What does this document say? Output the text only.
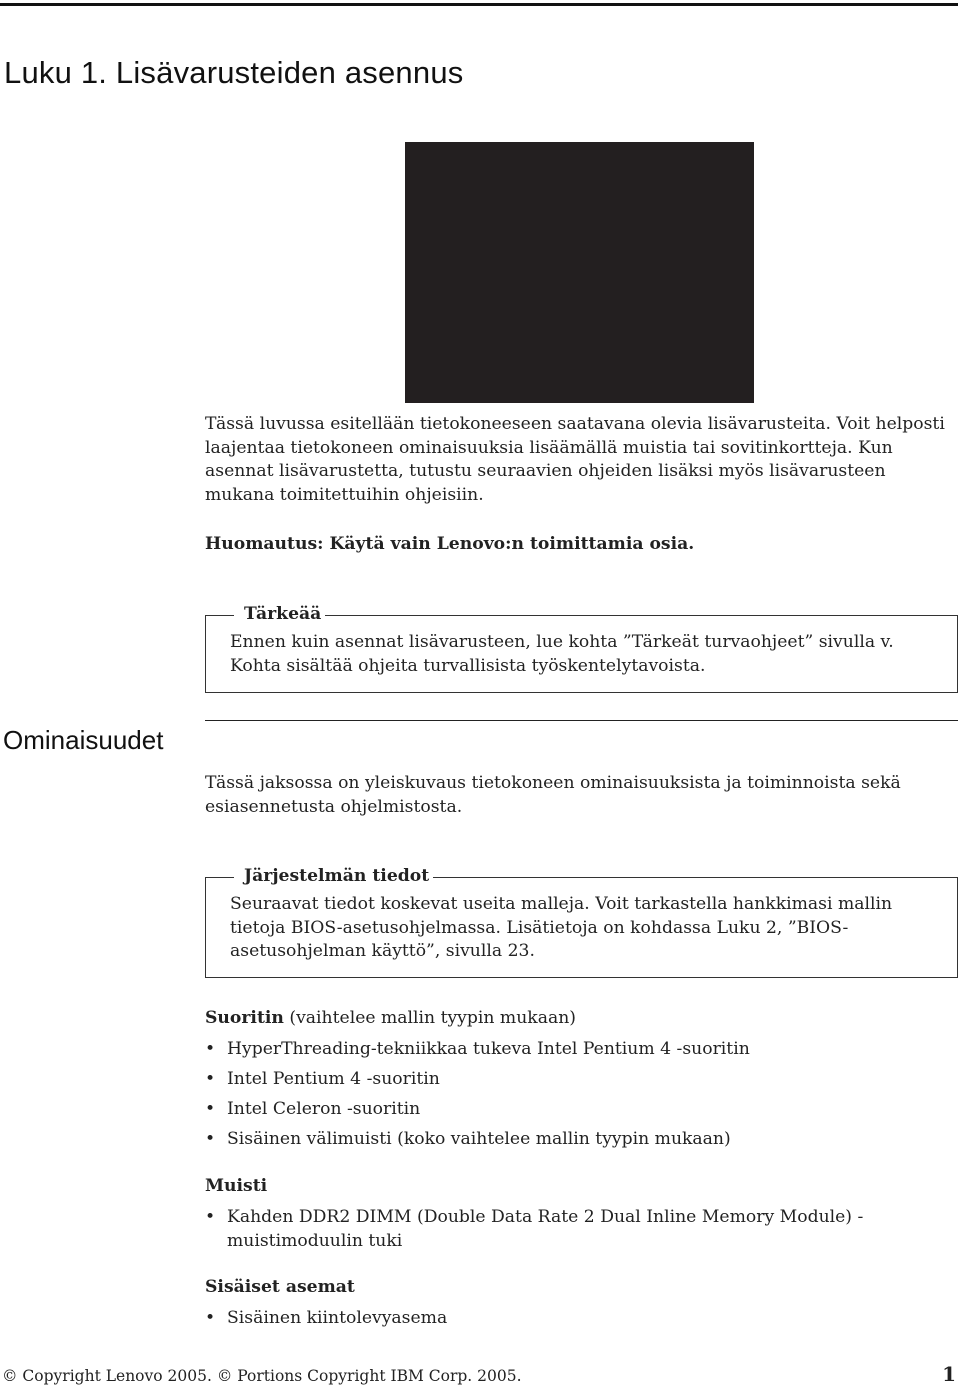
Luku 1. Lisävarusteiden asennus

Tässä luvussa esitellään tietokoneeseen saatavana olevia lisävarusteita. Voit helposti laajentaa tietokoneen ominaisuuksia lisäämällä muistia tai sovitinkortteja. Kun asennat lisävarustetta, tutustu seuraavien ohjeiden lisäksi myös lisävarusteen mukana toimitettuihin ohjeisiin.

Huomautus: Käytä vain Lenovo:n toimittamia osia.

Tärkeää
Ennen kuin asennat lisävarusteen, lue kohta ”Tärkeät turvaohjeet” sivulla v.
Kohta sisältää ohjeita turvallisista työskentelytavoista.
Ominaisuudet

Tässä jaksossa on yleiskuvaus tietokoneen ominaisuuksista ja toiminnoista sekä esiasennetusta ohjelmistosta.

Järjestelmän tiedot
Seuraavat tiedot koskevat useita malleja. Voit tarkastella hankkimasi mallin tietoja BIOS-asetusohjelmassa. Lisätietoja on kohdassa Luku 2, ”BIOS-asetusohjelman käyttö”, sivulla 23.

Suoritin (vaihtelee mallin tyypin mukaan)

• HyperThreading-tekniikkaa tukeva Intel Pentium 4 -suoritin
• Intel Pentium 4 -suoritin
• Intel Celeron -suoritin
• Sisäinen välimuisti (koko vaihtelee mallin tyypin mukaan)

Muisti

• Kahden DDR2 DIMM (Double Data Rate 2 Dual Inline Memory Module) -muistimoduulin tuki

Sisäiset asemat

• Sisäinen kiintolevyasema
© Copyright Lenovo 2005. © Portions Copyright IBM Corp. 2005.	1
